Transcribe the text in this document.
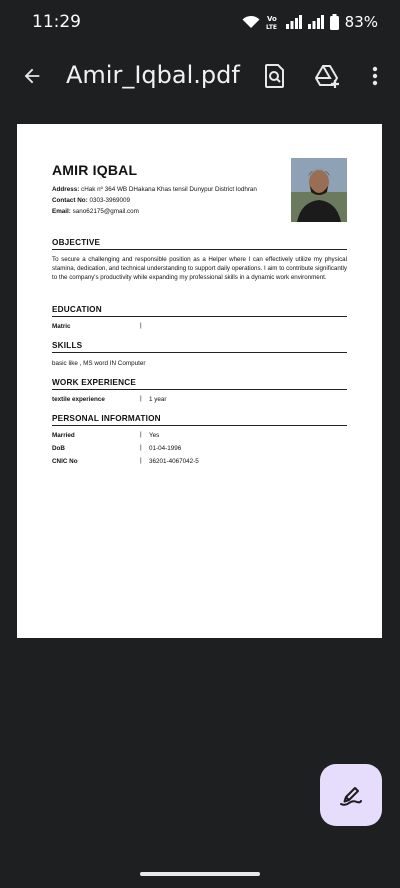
11:29	Vo
LTE	83%
Amir_Iqbal.pdf
AMIR IQBAL
Address: cHak nº 364 WB DHakana Khas tensil Dunypur District lodhran
Contact No: 0303-3969009
Email: sano62175@gmail.com
OBJECTIVE
To secure a challenging and responsible position as a Helper where I can effectively utilize my physical stamina, dedication, and technical understanding to support daily operations. I aim to contribute significantly to the company's productivity while expanding my professional skills in a dynamic work environment.
EDUCATION
Matric	|
SKILLS
basic like , MS word IN Computer
WORK EXPERIENCE
textile experience	| 1 year
PERSONAL INFORMATION
Married	| Yes
DoB	| 01-04-1996
CNIC No	| 36201-4067042-5
